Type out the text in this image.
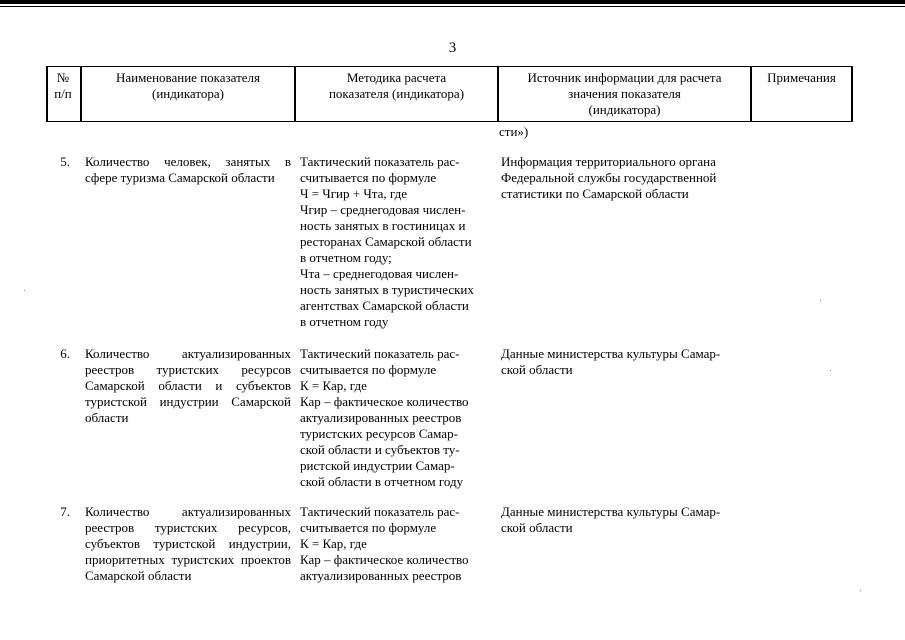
3
№
п/п
Наименование показателя
(индикатора)
Методика расчета
показателя (индикатора)
Источник информации для расчета
значения показателя
(индикатора)
Примечания
сти»)
5. Количество человек, занятых в сфере туризма Самарской области
Тактический показатель рас-
считывается по формуле
Ч = Чгир + Чта, где
Чгир – среднегодовая числен-
ность занятых в гостиницах и
ресторанах Самарской области
в отчетном году;
Чта – среднегодовая числен-
ность занятых в туристических
агентствах Самарской области
в отчетном году
Информация территориального органа
Федеральной службы государственной
статистики по Самарской области
6. Количество актуализированных реестров туристских ресурсов Самарской области и субъектов туристской индустрии Самарской области
Тактический показатель рас-
считывается по формуле
К = Кар, где
Кар – фактическое количество
актуализированных реестров
туристских ресурсов Самар-
ской области и субъектов ту-
ристской индустрии Самар-
ской области в отчетном году
Данные министерства культуры Самар-
ской области
7. Количество актуализированных реестров туристских ресурсов, субъектов туристской индустрии, приоритетных туристских проектов Самарской области
Тактический показатель рас-
считывается по формуле
К = Кар, где
Кар – фактическое количество
актуализированных реестров
Данные министерства культуры Самар-
ской области
